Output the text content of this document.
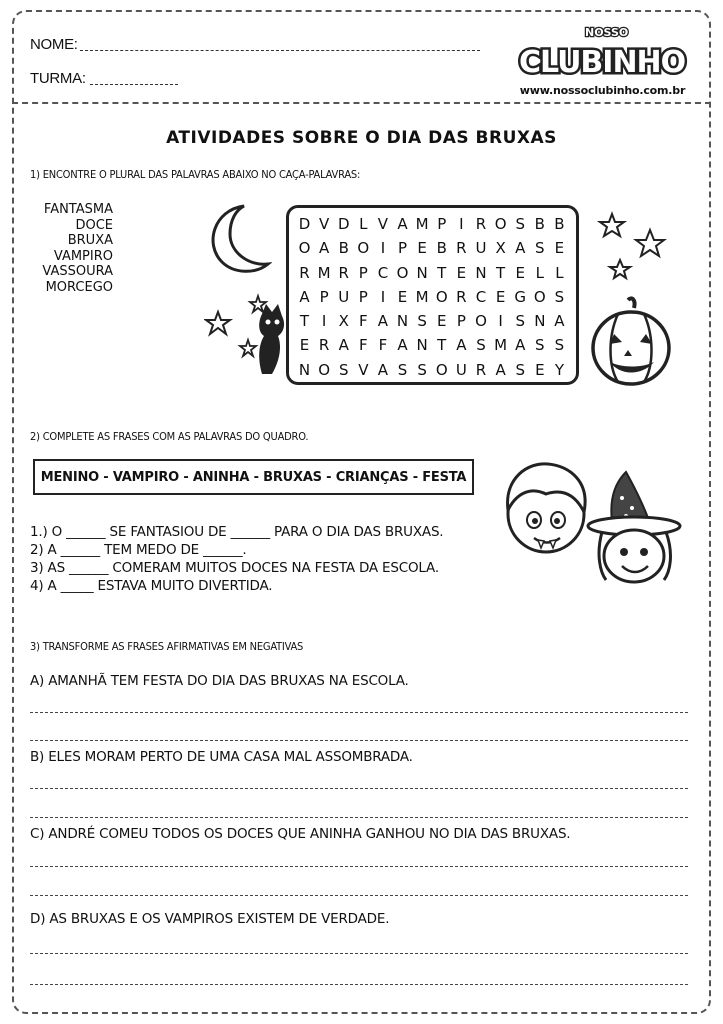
NOME:
TURMA:
NOSSO
CLUBINHO
www.nossoclubinho.com.br
ATIVIDADES SOBRE O DIA DAS BRUXAS
1) ENCONTRE O PLURAL DAS PALAVRAS ABAIXO NO CAÇA-PALAVRAS:
FANTASMA
DOCE
BRUXA
VAMPIRO
VASSOURA
MORCEGO
D V D L V A M P I R O S B B
O A B O I P E B R U X A S E
R M R P C O N T E N T E L L
A P U P I E M O R C E G O S
T I X F A N S E P O I S N A
E R A F F A N T A S M A S S
N O S V A S S O U R A S E Y
2) COMPLETE AS FRASES COM AS PALAVRAS DO QUADRO.
MENINO - VAMPIRO - ANINHA - BRUXAS - CRIANÇAS - FESTA
1.) O ______ SE FANTASIOU DE ______ PARA O DIA DAS BRUXAS.
2) A ______ TEM MEDO DE ______.
3) AS ______ COMERAM MUITOS DOCES NA FESTA DA ESCOLA.
4) A _____ ESTAVA MUITO DIVERTIDA.
3) TRANSFORME AS FRASES AFIRMATIVAS EM NEGATIVAS
A) AMANHÃ TEM FESTA DO DIA DAS BRUXAS NA ESCOLA.
B) ELES MORAM PERTO DE UMA CASA MAL ASSOMBRADA.
C) ANDRÉ COMEU TODOS OS DOCES QUE ANINHA GANHOU NO DIA DAS BRUXAS.
D) AS BRUXAS E OS VAMPIROS EXISTEM DE VERDADE.
